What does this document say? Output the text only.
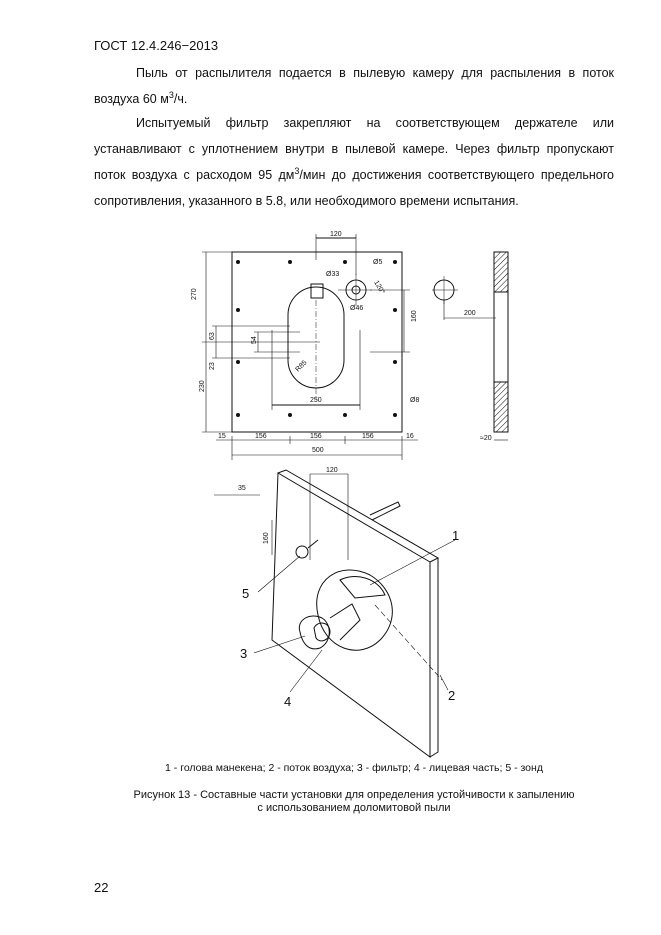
ГОСТ 12.4.246−2013
Пыль от распылителя подается в пылевую камеру для распыления в поток воздуха 60 $м^3/ч$.
Испытуемый фильтр закрепляют на соответствующем держателе или устанавливают с уплотнением внутри в пылевой камере. Через фильтр пропускают поток воздуха с расходом 95 $дм^3$/мин до достижения соответствующего предельного сопротивления, указанного в 5.8, или необходимого времени испытания.
120
270
Ø5
Ø33
120°
Ø46
160	200
63
54
23	R85
230
250	Ø8
15	156	156	156	16
500
≈20
120
35
160	1
2
3
4
5
1 - голова манекена; 2 - поток воздуха; 3 - фильтр; 4 - лицевая часть; 5 - зонд
Рисунок 13 - Составные части установки для определения устойчивости к запылению
с использованием доломитовой пыли
22
